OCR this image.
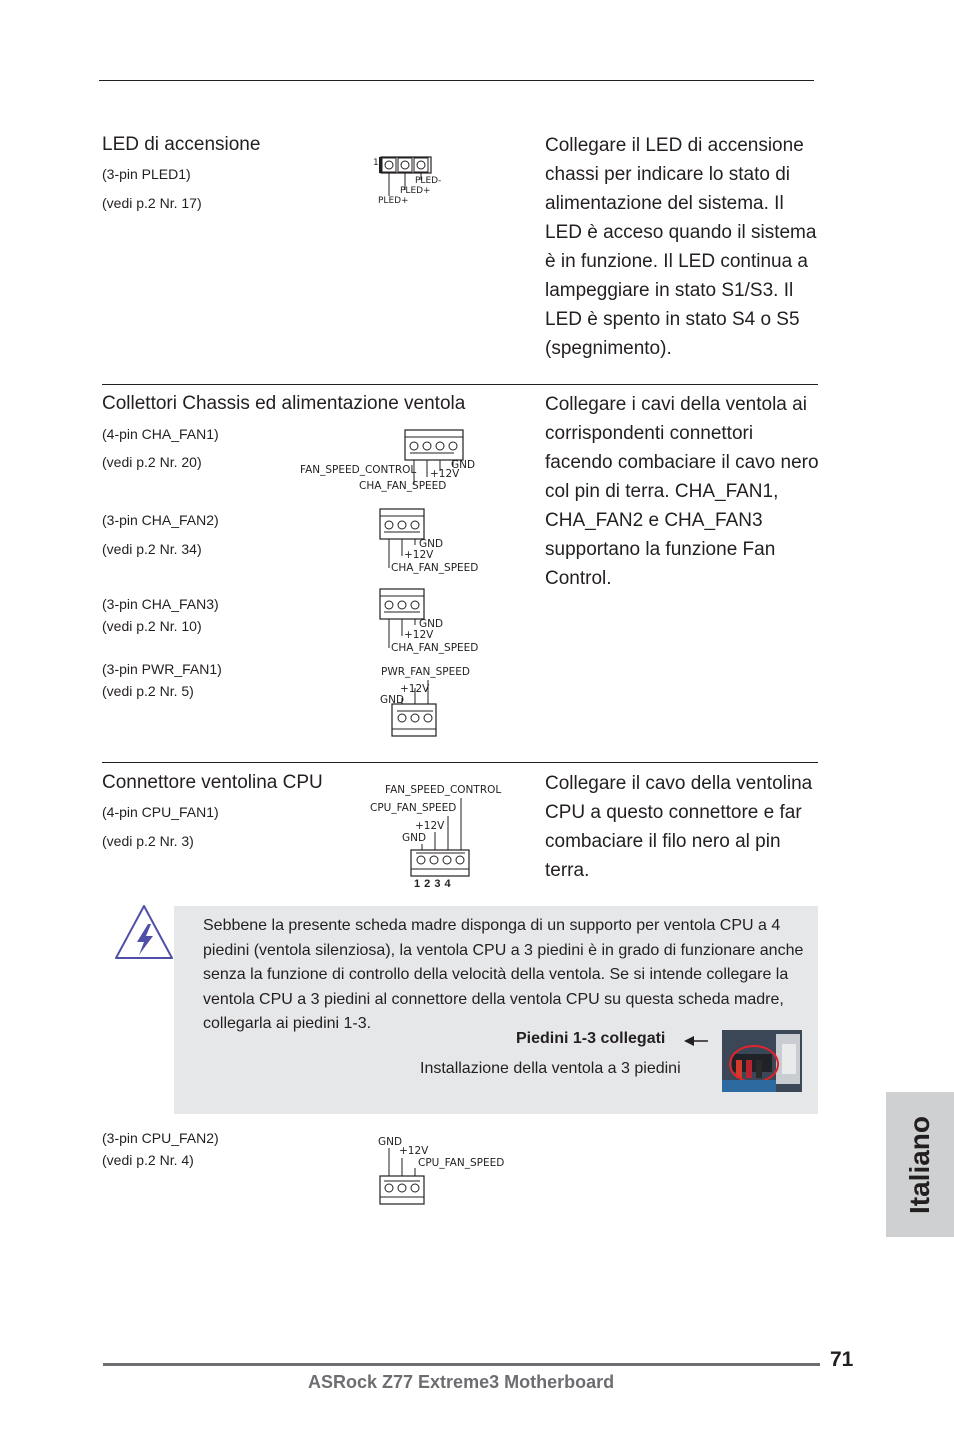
LED di accensione
(3-pin PLED1)
(vedi p.2 Nr. 17)
1
PLED-
PLED+
PLED+
Collegare il LED di accensione chassi per indicare lo stato di alimentazione del sistema. Il LED è acceso quando il sistema è in funzione. Il LED continua a lampeggiare in stato S1/S3. Il LED è spento in stato S4 o S5 (spegnimento).
Collettori Chassis ed alimentazione ventola	Collegare i cavi della ventola ai corrispondenti connettori facendo combaciare il cavo nero col pin di terra. CHA_FAN1, CHA_FAN2 e CHA_FAN3 supportano la funzione Fan Control.
(4-pin CHA_FAN1)
(vedi p.2 Nr. 20)	GND
+12V
FAN_SPEED_CONTROL
CHA_FAN_SPEED
(3-pin CHA_FAN2)
(vedi p.2 Nr. 34)	GND
+12V
CHA_FAN_SPEED
(3-pin CHA_FAN3)
(vedi p.2 Nr. 10)	GND
+12V
CHA_FAN_SPEED
(3-pin PWR_FAN1)
(vedi p.2 Nr. 5)
PWR_FAN_SPEED
+12V
GND
Connettore ventolina CPU
(4-pin CPU_FAN1)
(vedi p.2 Nr. 3)
FAN_SPEED_CONTROL
CPU_FAN_SPEED
+12V
GND
1 2 3 4
Collegare il cavo della ventolina CPU a questo connettore e far combaciare il filo nero al pin terra.
Sebbene la presente scheda madre disponga di un supporto per ventola CPU a 4 piedini (ventola silenziosa), la ventola CPU a 3 piedini è in grado di funzionare anche senza la funzione di controllo della velocità della ventola. Se si intende collegare la ventola CPU a 3 piedini al connettore della ventola CPU su questa scheda madre, collegarla ai piedini 1-3.
Piedini 1-3 collegati
Installazione della ventola a 3 piedini
(3-pin CPU_FAN2)
(vedi p.2 Nr. 4)
GND
+12V
CPU_FAN_SPEED	Italiano
71
ASRock Z77 Extreme3 Motherboard
